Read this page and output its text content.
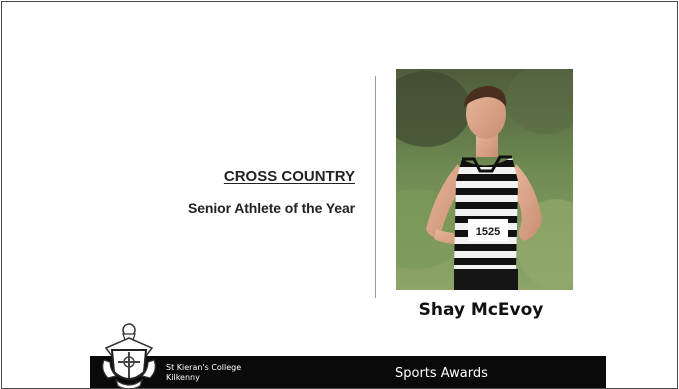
CROSS COUNTRY
Senior Athlete of the Year
1525
Shay McEvoy
St Kieran's College
Kilkenny	Sports Awards
